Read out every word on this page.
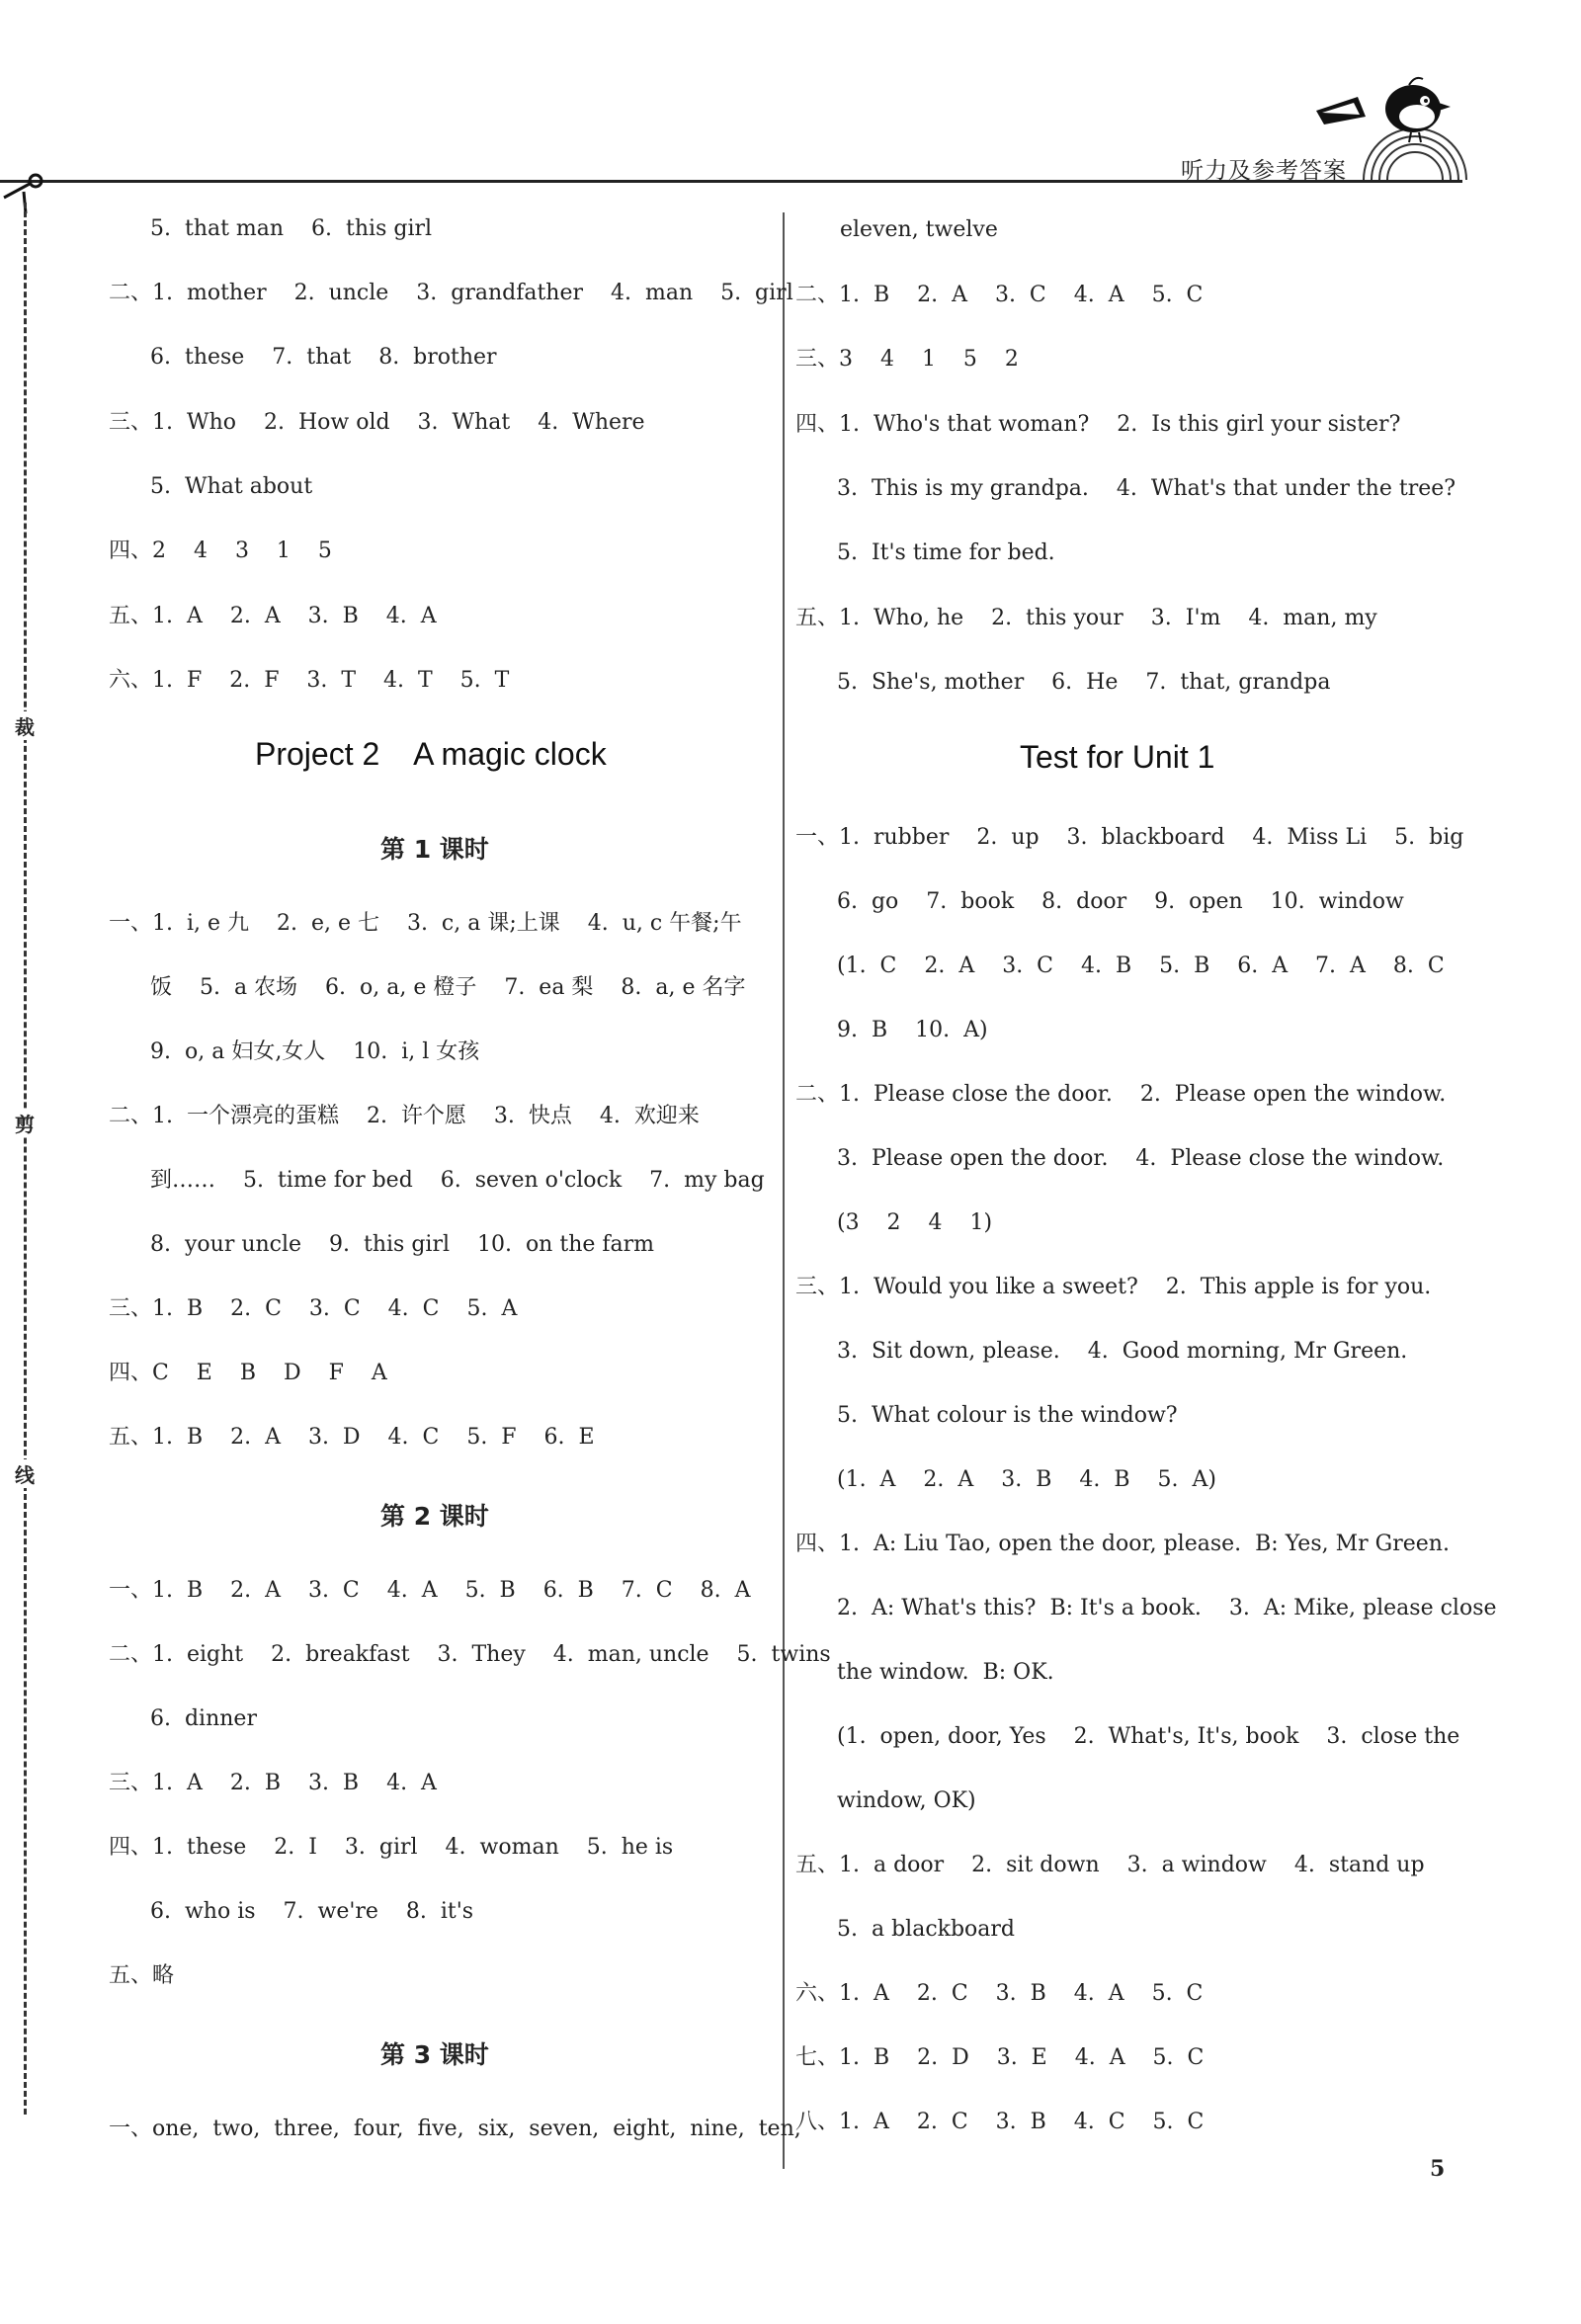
听力及参考答案
裁
剪
线
5.  that man    6.  this girl
二、1.  mother    2.  uncle    3.  grandfather    4.  man    5.  girl
6.  these    7.  that    8.  brother
三、1.  Who    2.  How old    3.  What    4.  Where
5.  What about
四、2    4    3    1    5
五、1.  A    2.  A    3.  B    4.  A
六、1.  F    2.  F    3.  T    4.  T    5.  T
Project 2    A magic clock
第 1 课时
一、1.  i, e 九    2.  e, e 七    3.  c, a 课;上课    4.  u, c 午餐;午
饭    5.  a 农场    6.  o, a, e 橙子    7.  ea 梨    8.  a, e 名字
9.  o, a 妇女,女人    10.  i, l 女孩
二、1.  一个漂亮的蛋糕    2.  许个愿    3.  快点    4.  欢迎来
到……    5.  time for bed    6.  seven o'clock    7.  my bag
8.  your uncle    9.  this girl    10.  on the farm
三、1.  B    2.  C    3.  C    4.  C    5.  A
四、C    E    B    D    F    A
五、1.  B    2.  A    3.  D    4.  C    5.  F    6.  E
第 2 课时
一、1.  B    2.  A    3.  C    4.  A    5.  B    6.  B    7.  C    8.  A
二、1.  eight    2.  breakfast    3.  They    4.  man, uncle    5.  twins
6.  dinner
三、1.  A    2.  B    3.  B    4.  A
四、1.  these    2.  I    3.  girl    4.  woman    5.  he is
6.  who is    7.  we're    8.  it's
五、略
第 3 课时
一、one,  two,  three,  four,  five,  six,  seven,  eight,  nine,  ten,
eleven, twelve
二、1.  B    2.  A    3.  C    4.  A    5.  C
三、3    4    1    5    2
四、1.  Who's that woman?    2.  Is this girl your sister?
3.  This is my grandpa.    4.  What's that under the tree?
5.  It's time for bed.
五、1.  Who, he    2.  this your    3.  I'm    4.  man, my
5.  She's, mother    6.  He    7.  that, grandpa
Test for Unit 1
一、1.  rubber    2.  up    3.  blackboard    4.  Miss Li    5.  big
6.  go    7.  book    8.  door    9.  open    10.  window
(1.  C    2.  A    3.  C    4.  B    5.  B    6.  A    7.  A    8.  C
9.  B    10.  A)
二、1.  Please close the door.    2.  Please open the window.
3.  Please open the door.    4.  Please close the window.
(3    2    4    1)
三、1.  Would you like a sweet?    2.  This apple is for you.
3.  Sit down, please.    4.  Good morning, Mr Green.
5.  What colour is the window?
(1.  A    2.  A    3.  B    4.  B    5.  A)
四、1.  A: Liu Tao, open the door, please.  B: Yes, Mr Green.
2.  A: What's this?  B: It's a book.    3.  A: Mike, please close
the window.  B: OK.
(1.  open, door, Yes    2.  What's, It's, book    3.  close the
window, OK)
五、1.  a door    2.  sit down    3.  a window    4.  stand up
5.  a blackboard
六、1.  A    2.  C    3.  B    4.  A    5.  C
七、1.  B    2.  D    3.  E    4.  A    5.  C
八、1.  A    2.  C    3.  B    4.  C    5.  C
5
